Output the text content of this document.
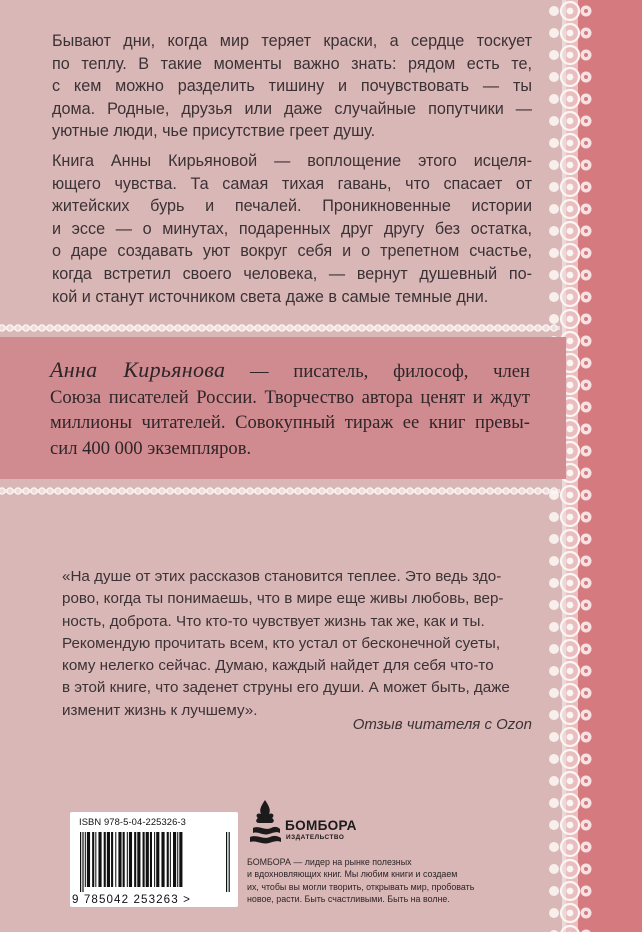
Бывают дни, когда мир теряет краски, а сердце тоскует
по теплу. В такие моменты важно знать: рядом есть те,
с кем можно разделить тишину и почувствовать — ты
дома. Родные, друзья или даже случайные попутчики —
уютные люди, чье присутствие греет душу.

Книга Анны Кирьяновой — воплощение этого исцеля-
ющего чувства. Та самая тихая гавань, что спасает от
житейских бурь и печалей. Проникновенные истории
и эссе — о минутах, подаренных друг другу без остатка,
о даре создавать уют вокруг себя и о трепетном счастье,
когда встретил своего человека, — вернут душевный по-
кой и станут источником света даже в самые темные дни.

Анна Кирьянова — писатель, философ, член
Союза писателей России. Творчество автора ценят и ждут
миллионы читателей. Совокупный тираж ее книг превы-
сил 400 000 экземпляров.

«На душе от этих рассказов становится теплее. Это ведь здо-
рово, когда ты понимаешь, что в мире еще живы любовь, вер-
ность, доброта. Что кто-то чувствует жизнь так же, как и ты.
Рекомендую прочитать всем, кто устал от бесконечной суеты,
кому нелегко сейчас. Думаю, каждый найдет для себя что-то
в этой книге, что заденет струны его души. А может быть, даже
изменит жизнь к лучшему».

Отзыв читателя с Ozon
ISBN 978-5-04-225326-3
9 785042 253263 >
БОМБОРА
ИЗДАТЕЛЬСТВО

БОМБОРА — лидер на рынке полезных
и вдохновляющих книг. Мы любим книги и создаем
их, чтобы вы могли творить, открывать мир, пробовать
новое, расти. Быть счастливыми. Быть на волне.
